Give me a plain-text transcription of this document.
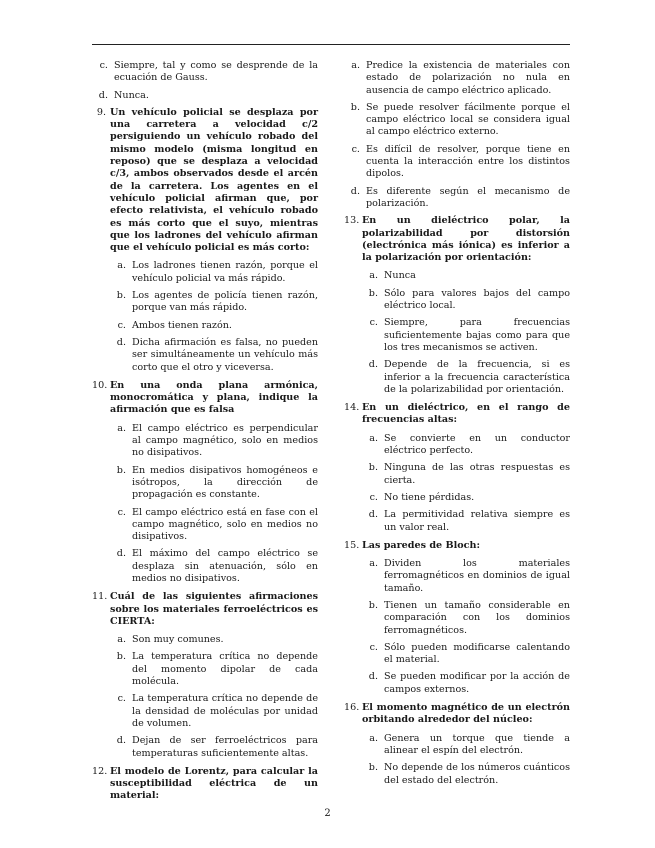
c. Siempre, tal y como se desprende de la ecuación de Gauss.
d. Nunca.
9. Un vehículo policial se desplaza por una carretera a velocidad c/2 persiguiendo un vehículo robado del mismo modelo (misma longitud en reposo) que se desplaza a velocidad c/3, ambos observados desde el arcén de la carretera. Los agentes en el vehículo policial afirman que, por efecto relativista, el vehículo robado es más corto que el suyo, mientras que los ladrones del vehículo afirman que el vehículo policial es más corto:
a. Los ladrones tienen razón, porque el vehículo policial va más rápido.
b. Los agentes de policía tienen razón, porque van más rápido.
c. Ambos tienen razón.
d. Dicha afirmación es falsa, no pueden ser simultáneamente un vehículo más corto que el otro y viceversa.
10. En una onda plana armónica, monocromática y plana, indique la afirmación que es falsa
a. El campo eléctrico es perpendicular al campo magnético, solo en medios no disipativos.
b. En medios disipativos homogéneos e isótropos, la dirección de propagación es constante.
c. El campo eléctrico está en fase con el campo magnético, solo en medios no disipativos.
d. El máximo del campo eléctrico se desplaza sin atenuación, sólo en medios no disipativos.
11. Cuál de las siguientes afirmaciones sobre los materiales ferroeléctricos es CIERTA:
a. Son muy comunes.
b. La temperatura crítica no depende del momento dipolar de cada molécula.
c. La temperatura crítica no depende de la densidad de moléculas por unidad de volumen.
d. Dejan de ser ferroeléctricos para temperaturas suficientemente altas.
12. El modelo de Lorentz, para calcular la susceptibilidad eléctrica de un material:
a. Predice la existencia de materiales con estado de polarización no nula en ausencia de campo eléctrico aplicado.
b. Se puede resolver fácilmente porque el campo eléctrico local se considera igual al campo eléctrico externo.
c. Es difícil de resolver, porque tiene en cuenta la interacción entre los distintos dipolos.
d. Es diferente según el mecanismo de polarización.
13. En un dieléctrico polar, la polarizabilidad por distorsión (electrónica más iónica) es inferior a la polarización por orientación:
a. Nunca
b. Sólo para valores bajos del campo eléctrico local.
c. Siempre, para frecuencias suficientemente bajas como para que los tres mecanismos se activen.
d. Depende de la frecuencia, si es inferior a la frecuencia característica de la polarizabilidad por orientación.
14. En un dieléctrico, en el rango de frecuencias altas:
a. Se convierte en un conductor eléctrico perfecto.
b. Ninguna de las otras respuestas es cierta.
c. No tiene pérdidas.
d. La permitividad relativa siempre es un valor real.
15. Las paredes de Bloch:
a. Dividen los materiales ferromagnéticos en dominios de igual tamaño.
b. Tienen un tamaño considerable en comparación con los dominios ferromagnéticos.
c. Sólo pueden modificarse calentando el material.
d. Se pueden modificar por la acción de campos externos.
16. El momento magnético de un electrón orbitando alrededor del núcleo:
a. Genera un torque que tiende a alinear el espín del electrón.
b. No depende de los números cuánticos del estado del electrón.
2
